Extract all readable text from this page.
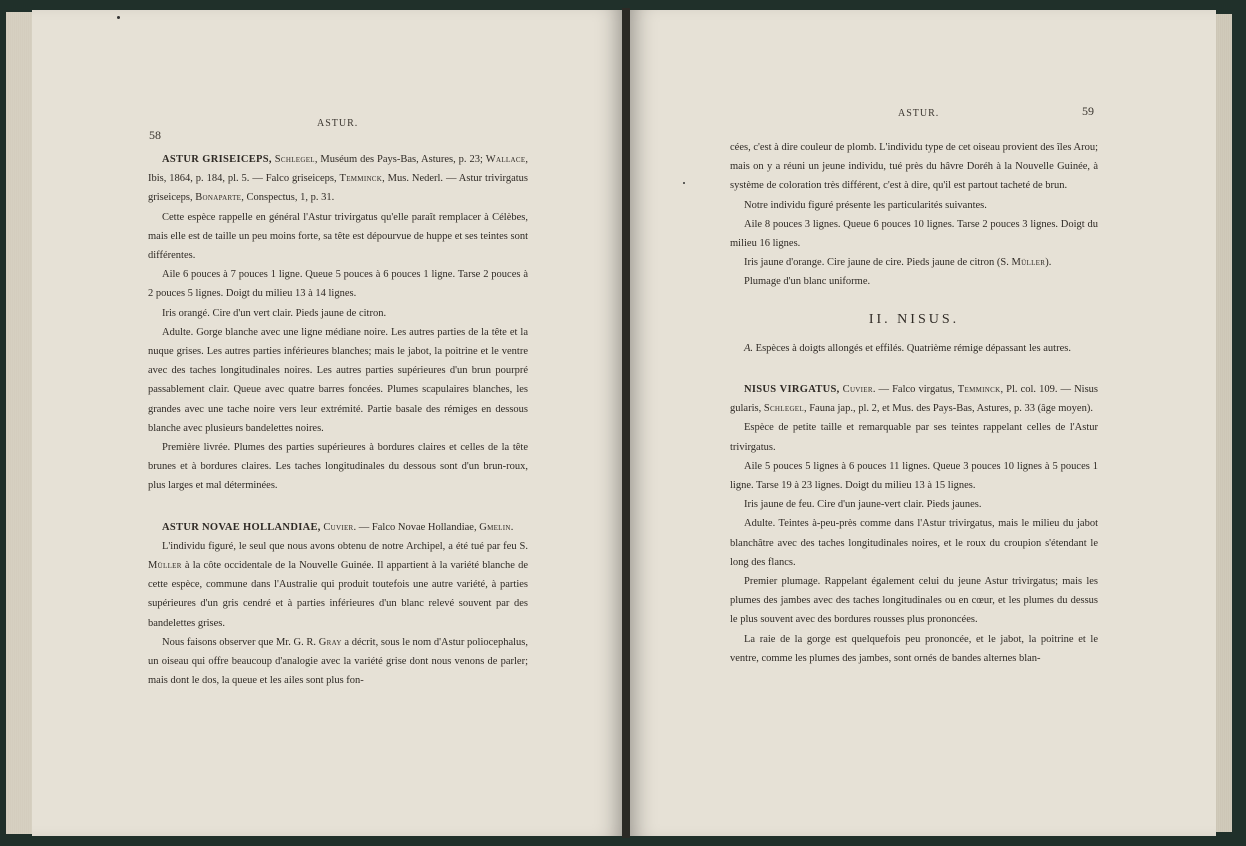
58
ASTUR.

ASTUR GRISEICEPS, Schlegel, Muséum des Pays-Bas, Astures, p. 23; Wallace, Ibis, 1864, p. 184, pl. 5. — Falco griseiceps, Temminck, Mus. Nederl. — Astur trivirgatus griseiceps, Bonaparte, Conspectus, 1, p. 31.

Cette espèce rappelle en général l'Astur trivirgatus qu'elle paraît remplacer à Célèbes, mais elle est de taille un peu moins forte, sa tête est dépourvue de huppe et ses teintes sont différentes.

Aile 6 pouces à 7 pouces 1 ligne. Queue 5 pouces à 6 pouces 1 ligne. Tarse 2 pouces à 2 pouces 5 lignes. Doigt du milieu 13 à 14 lignes.

Iris orangé. Cire d'un vert clair. Pieds jaune de citron.

Adulte. Gorge blanche avec une ligne médiane noire. Les autres parties de la tête et la nuque grises. Les autres parties inférieures blanches; mais le jabot, la poitrine et le ventre avec des taches longitudinales noires. Les autres parties supérieures d'un brun pourpré passablement clair. Queue avec quatre barres foncées. Plumes scapulaires blanches, les grandes avec une tache noire vers leur extrémité. Partie basale des rémiges en dessous blanche avec plusieurs bandelettes noires.

Première livrée. Plumes des parties supérieures à bordures claires et celles de la tête brunes et à bordures claires. Les taches longitudinales du dessous sont d'un brun-roux, plus larges et mal déterminées.

ASTUR NOVAE HOLLANDIAE, Cuvier. — Falco Novae Hollandiae, Gmelin.

L'individu figuré, le seul que nous avons obtenu de notre Archipel, a été tué par feu S. Müller à la côte occidentale de la Nouvelle Guinée. Il appartient à la variété blanche de cette espèce, commune dans l'Australie qui produit toutefois une autre variété, à parties supérieures d'un gris cendré et à parties inférieures d'un blanc relevé souvent par des bandelettes grises.

Nous faisons observer que Mr. G. R. Gray a décrit, sous le nom d'Astur poliocephalus, un oiseau qui offre beaucoup d'analogie avec la variété grise dont nous venons de parler; mais dont le dos, la queue et les ailes sont plus fon-

ASTUR.	59

cées, c'est à dire couleur de plomb. L'individu type de cet oiseau provient des îles Arou; mais on y a réuni un jeune individu, tué près du hâvre Doréh à la Nouvelle Guinée, à système de coloration très différent, c'est à dire, qu'il est partout tacheté de brun.

Notre individu figuré présente les particularités suivantes.

Aile 8 pouces 3 lignes. Queue 6 pouces 10 lignes. Tarse 2 pouces 3 lignes. Doigt du milieu 16 lignes.

Iris jaune d'orange. Cire jaune de cire. Pieds jaune de citron (S. Müller).

Plumage d'un blanc uniforme.

II. NISUS.

A. Espèces à doigts allongés et effilés. Quatrième rémige dépassant les autres.

NISUS VIRGATUS, Cuvier. — Falco virgatus, Temminck, Pl. col. 109. — Nisus gularis, Schlegel, Fauna jap., pl. 2, et Mus. des Pays-Bas, Astures, p. 33 (âge moyen).

Espèce de petite taille et remarquable par ses teintes rappelant celles de l'Astur trivirgatus.

Aile 5 pouces 5 lignes à 6 pouces 11 lignes. Queue 3 pouces 10 lignes à 5 pouces 1 ligne. Tarse 19 à 23 lignes. Doigt du milieu 13 à 15 lignes.

Iris jaune de feu. Cire d'un jaune-vert clair. Pieds jaunes.

Adulte. Teintes à-peu-près comme dans l'Astur trivirgatus, mais le milieu du jabot blanchâtre avec des taches longitudinales noires, et le roux du croupion s'étendant le long des flancs.

Premier plumage. Rappelant également celui du jeune Astur trivirgatus; mais les plumes des jambes avec des taches longitudinales ou en cœur, et les plumes du dessus le plus souvent avec des bordures rousses plus prononcées.

La raie de la gorge est quelquefois peu prononcée, et le jabot, la poitrine et le ventre, comme les plumes des jambes, sont ornés de bandes alternes blan-
